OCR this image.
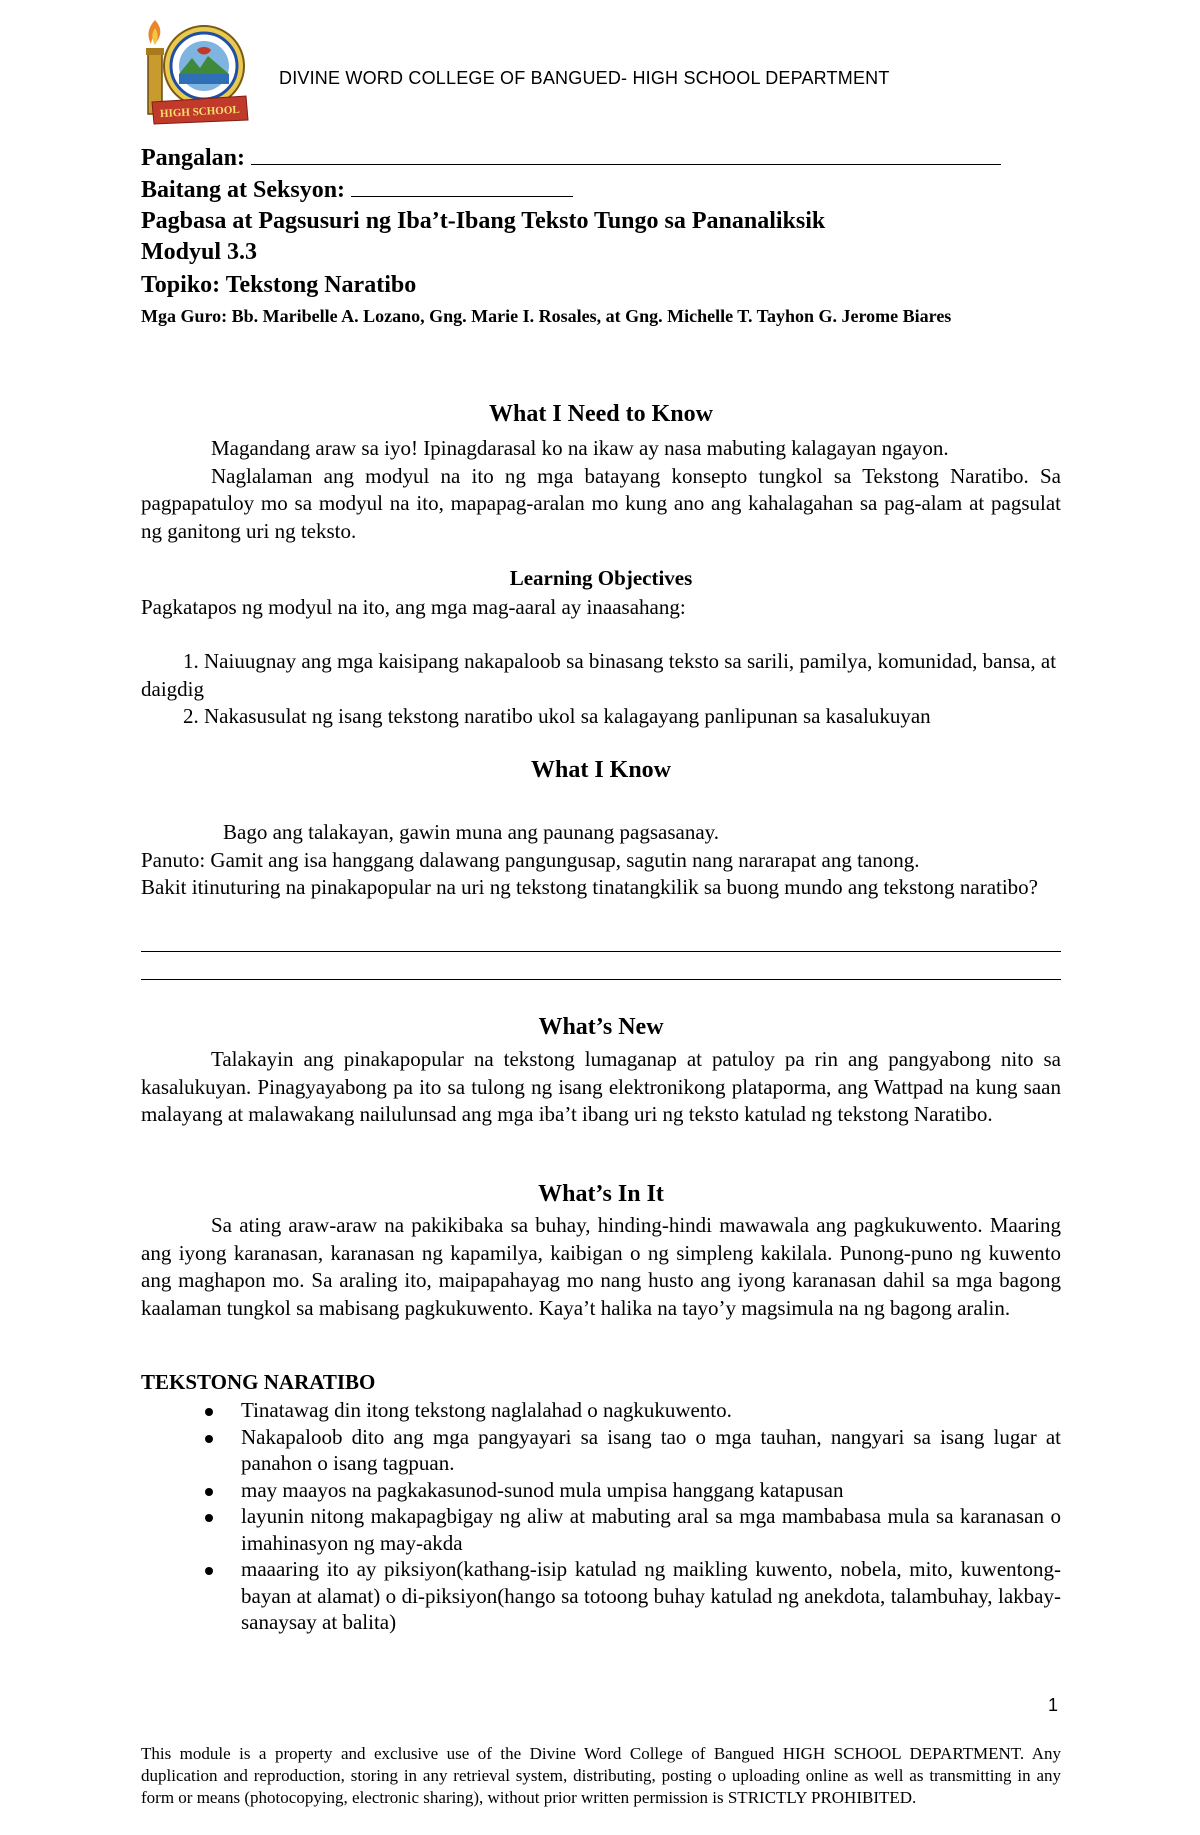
HIGH SCHOOL
DIVINE WORD COLLEGE OF BANGUED- HIGH SCHOOL DEPARTMENT
Pangalan:
Baitang at Seksyon:
Pagbasa at Pagsusuri ng Iba’t-Ibang Teksto Tungo sa Pananaliksik
Modyul 3.3
Topiko: Tekstong Naratibo
Mga Guro: Bb. Maribelle A. Lozano, Gng. Marie I. Rosales, at Gng. Michelle T. Tayhon G. Jerome Biares
What I Need to Know
Magandang araw sa iyo! Ipinagdarasal ko na ikaw ay nasa mabuting kalagayan ngayon.
Naglalaman ang modyul na ito ng mga batayang konsepto tungkol sa Tekstong Naratibo. Sa pagpapatuloy mo sa modyul na ito, mapapag-aralan mo kung ano ang kahalagahan sa pag-alam at pagsulat ng ganitong uri ng teksto.
Learning Objectives
Pagkatapos ng modyul na ito, ang mga mag-aaral ay inaasahang:
1. Naiuugnay ang mga kaisipang nakapaloob sa binasang teksto sa sarili, pamilya, komunidad, bansa, at daigdig
2. Nakasusulat ng isang tekstong naratibo ukol sa kalagayang panlipunan sa kasalukuyan
What I Know
Bago ang talakayan, gawin muna ang paunang pagsasanay.
Panuto: Gamit ang isa hanggang dalawang pangungusap, sagutin nang nararapat ang tanong.
Bakit itinuturing na pinakapopular na uri ng tekstong tinatangkilik sa buong mundo ang tekstong naratibo?
What’s New
Talakayin ang pinakapopular na tekstong lumaganap at patuloy pa rin ang pangyabong nito sa kasalukuyan. Pinagyayabong pa ito sa tulong ng isang elektronikong plataporma, ang Wattpad na kung saan malayang at malawakang nailulunsad ang mga iba’t ibang uri ng teksto katulad ng tekstong Naratibo.
What’s In It
Sa ating araw-araw na pakikibaka sa buhay, hinding-hindi mawawala ang pagkukuwento. Maaring ang iyong karanasan, karanasan ng kapamilya, kaibigan o ng simpleng kakilala. Punong-puno ng kuwento ang maghapon mo. Sa araling ito, maipapahayag mo nang husto ang iyong karanasan dahil sa mga bagong kaalaman tungkol sa mabisang pagkukuwento. Kaya’t halika na tayo’y magsimula na ng bagong aralin.
TEKSTONG NARATIBO
Tinatawag din itong tekstong naglalahad o nagkukuwento.
Nakapaloob dito ang mga pangyayari sa isang tao o mga tauhan, nangyari sa isang lugar at panahon o isang tagpuan.
may maayos na pagkakasunod-sunod mula umpisa hanggang katapusan
layunin nitong makapagbigay ng aliw at mabuting aral sa mga mambabasa mula sa karanasan o imahinasyon ng may-akda
maaaring ito ay piksiyon(kathang-isip katulad ng maikling kuwento, nobela, mito, kuwentong-bayan at alamat) o di-piksiyon(hango sa totoong buhay katulad ng anekdota, talambuhay, lakbay-sanaysay at balita)
1
This module is a property and exclusive use of the Divine Word College of Bangued HIGH SCHOOL DEPARTMENT. Any duplication and reproduction, storing in any retrieval system, distributing, posting o uploading online as well as transmitting in any form or means (photocopying, electronic sharing), without prior written permission is STRICTLY PROHIBITED.
